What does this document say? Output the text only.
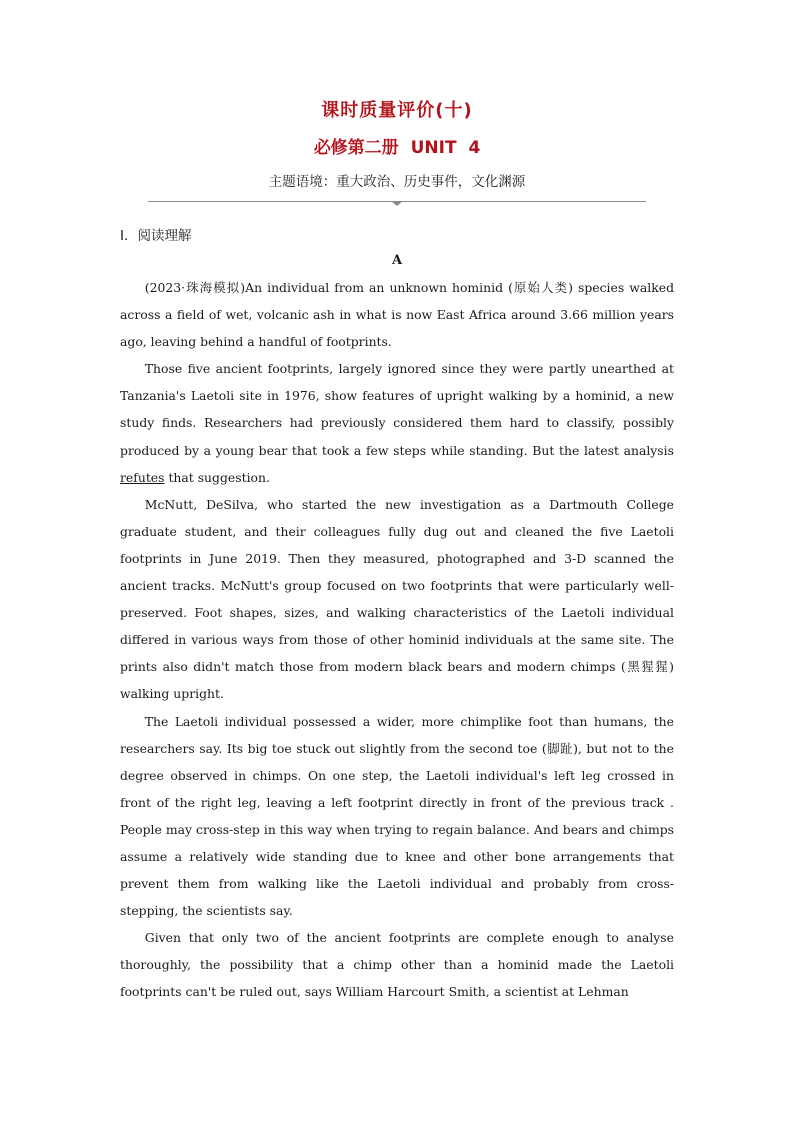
课时质量评价(十)
必修第二册 UNIT 4
主题语境：重大政治、历史事件，文化渊源
Ⅰ．阅读理解
A

(2023·珠海模拟)An individual from an unknown hominid (原始人类) species walked across a field of wet, volcanic ash in what is now East Africa around 3.66 million years ago, leaving behind a handful of footprints.

Those five ancient footprints, largely ignored since they were partly unearthed at Tanzania's Laetoli site in 1976, show features of upright walking by a hominid, a new study finds. Researchers had previously considered them hard to classify, possibly produced by a young bear that took a few steps while standing. But the latest analysis refutes that suggestion.

McNutt, DeSilva, who started the new investigation as a Dartmouth College graduate student, and their colleagues fully dug out and cleaned the five Laetoli footprints in June 2019. Then they measured, photographed and 3-D scanned the ancient tracks. McNutt's group focused on two footprints that were particularly well-preserved. Foot shapes, sizes, and walking characteristics of the Laetoli individual differed in various ways from those of other hominid individuals at the same site. The prints also didn't match those from modern black bears and modern chimps (黑猩猩) walking upright.

The Laetoli individual possessed a wider, more chimplike foot than humans, the researchers say. Its big toe stuck out slightly from the second toe (脚趾), but not to the degree observed in chimps. On one step, the Laetoli individual's left leg crossed in front of the right leg, leaving a left footprint directly in front of the previous track . People may cross-step in this way when trying to regain balance. And bears and chimps assume a relatively wide standing due to knee and other bone arrangements that prevent them from walking like the Laetoli individual and probably from cross-stepping, the scientists say.

Given that only two of the ancient footprints are complete enough to analyse thoroughly, the possibility that a chimp other than a hominid made the Laetoli footprints can't be ruled out, says William Harcourt Smith, a scientist at Lehman
